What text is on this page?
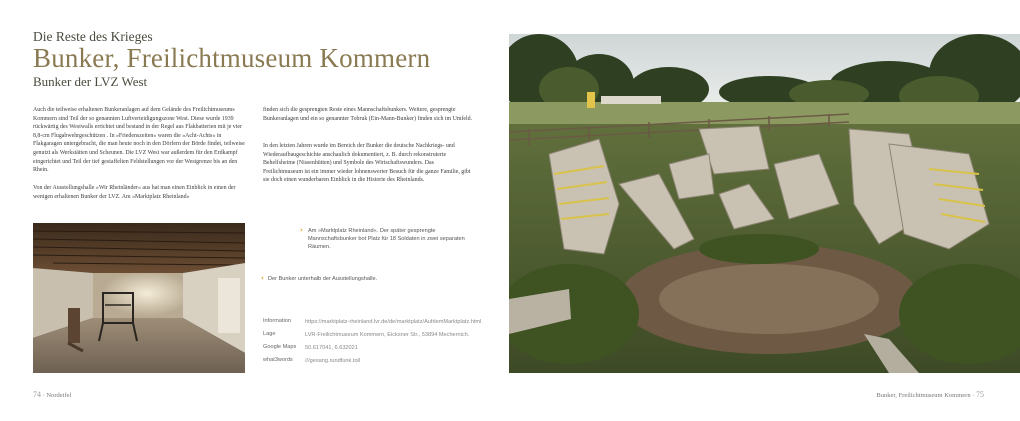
Die Reste des Krieges
Bunker, Freilichtmuseum Kommern
Bunker der LVZ West
Auch die teilweise erhaltenen Bunkeranlagen auf dem Gelände des Freilichtmuseums Kommern sind Teil der so genannten Luftverteidigungszone West. Diese wurde 1939 rückwärtig des Westwalls errichtet und bestand in der Regel aus Flakbatterien mit je vier 8,8-cm Flugabwehrgeschützen . In »Friedenszeiten« waren die »Acht-Achts« in Flakgaragen untergebracht, die man heute noch in den Dörfern der Börde findet, teilweise genutzt als Werkstätten und Scheunen. Die LVZ West war außerdem für den Erdkampf eingerichtet und Teil der tief gestaffelten Feldstellungen vor der Westgrenze bis an den Rhein.
Von der Ausstellungshalle »Wir Rheinländer« aus hat man einen Einblick in einen der wenigen erhaltenen Bunker der LVZ. Am »Marktplatz Rheinland«
finden sich die gesprengten Reste eines Mannschaftsbunkers. Weitere, gesprengte Bunkeranlagen und ein so genannter Tobruk (Ein-Mann-Bunker) finden sich im Umfeld.
In den letzten Jahren wurde im Bereich der Bunker die deutsche Nachkriegs- und Wiederaufbaugeschichte anschaulich dokumentiert, z. B. durch rekonstruierte Behelfsheime (Nissenhütten) und Symbole des Wirtschaftswunders. Das Freilichtmuseum ist ein immer wieder lohnenswerter Besuch für die ganze Familie, gibt sie doch einen wunderbaren Einblick in die Historie des Rheinlands.
› Am »Marktplatz Rheinland«. Der später gesprengte Mannschaftsbunker bot Platz für 18 Soldaten in zwei separaten Räumen.
‹ Der Bunker unterhalb der Ausstellungshalle.
Information	https://marktplatz-rheinland.lvr.de/de/marktplatz/AufdemMarktplatz.html
Lage	LVR-Freilichtmuseum Kommern, Eicksner Str., 53894 Mechernich.
Google Maps	50.617041, 6.632021
what3words	///gesang.rundfunk.toll
74 · Nordeifel	Bunker, Freilichtmuseum Kommern · 75
